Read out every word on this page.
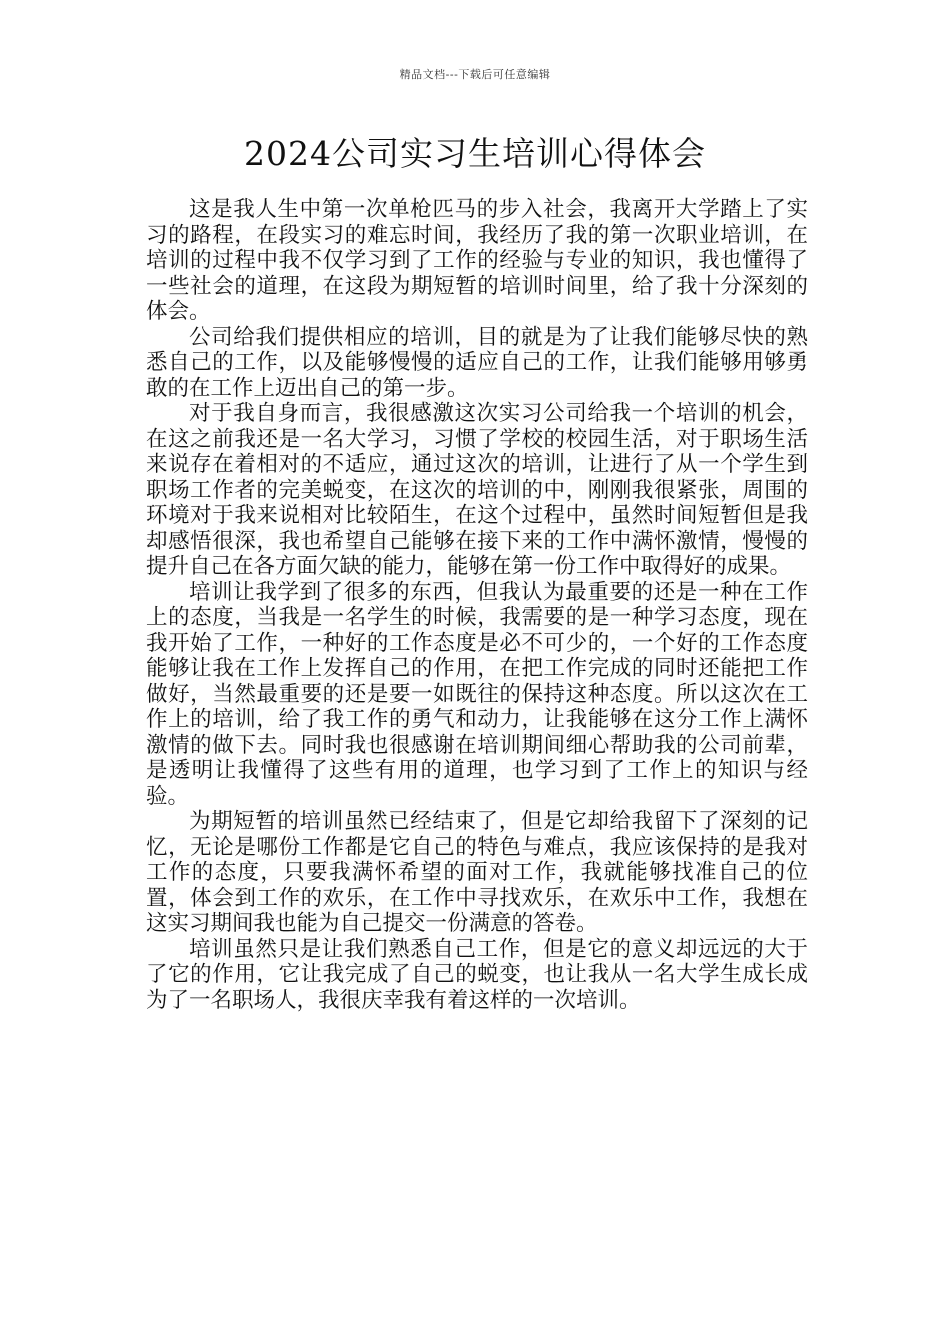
精品文档---下载后可任意编辑
2024公司实习生培训心得体会

这是我人生中第一次单枪匹马的步入社会，我离开大学踏上了实习的路程，在段实习的难忘时间，我经历了我的第一次职业培训，在培训的过程中我不仅学习到了工作的经验与专业的知识，我也懂得了一些社会的道理，在这段为期短暂的培训时间里，给了我十分深刻的体会。

公司给我们提供相应的培训，目的就是为了让我们能够尽快的熟悉自己的工作，以及能够慢慢的适应自己的工作，让我们能够用够勇敢的在工作上迈出自己的第一步。

对于我自身而言，我很感激这次实习公司给我一个培训的机会，在这之前我还是一名大学习，习惯了学校的校园生活，对于职场生活来说存在着相对的不适应，通过这次的培训，让进行了从一个学生到职场工作者的完美蜕变，在这次的培训的中，刚刚我很紧张，周围的环境对于我来说相对比较陌生，在这个过程中，虽然时间短暂但是我却感悟很深，我也希望自己能够在接下来的工作中满怀激情，慢慢的提升自己在各方面欠缺的能力，能够在第一份工作中取得好的成果。

培训让我学到了很多的东西，但我认为最重要的还是一种在工作上的态度，当我是一名学生的时候，我需要的是一种学习态度，现在我开始了工作，一种好的工作态度是必不可少的，一个好的工作态度能够让我在工作上发挥自己的作用，在把工作完成的同时还能把工作做好，当然最重要的还是要一如既往的保持这种态度。所以这次在工作上的培训，给了我工作的勇气和动力，让我能够在这分工作上满怀激情的做下去。同时我也很感谢在培训期间细心帮助我的公司前辈，是透明让我懂得了这些有用的道理，也学习到了工作上的知识与经验。

为期短暂的培训虽然已经结束了，但是它却给我留下了深刻的记忆，无论是哪份工作都是它自己的特色与难点，我应该保持的是我对工作的态度，只要我满怀希望的面对工作，我就能够找准自己的位置，体会到工作的欢乐，在工作中寻找欢乐，在欢乐中工作，我想在这实习期间我也能为自己提交一份满意的答卷。

培训虽然只是让我们熟悉自己工作，但是它的意义却远远的大于了它的作用，它让我完成了自己的蜕变，也让我从一名大学生成长成为了一名职场人，我很庆幸我有着这样的一次培训。
